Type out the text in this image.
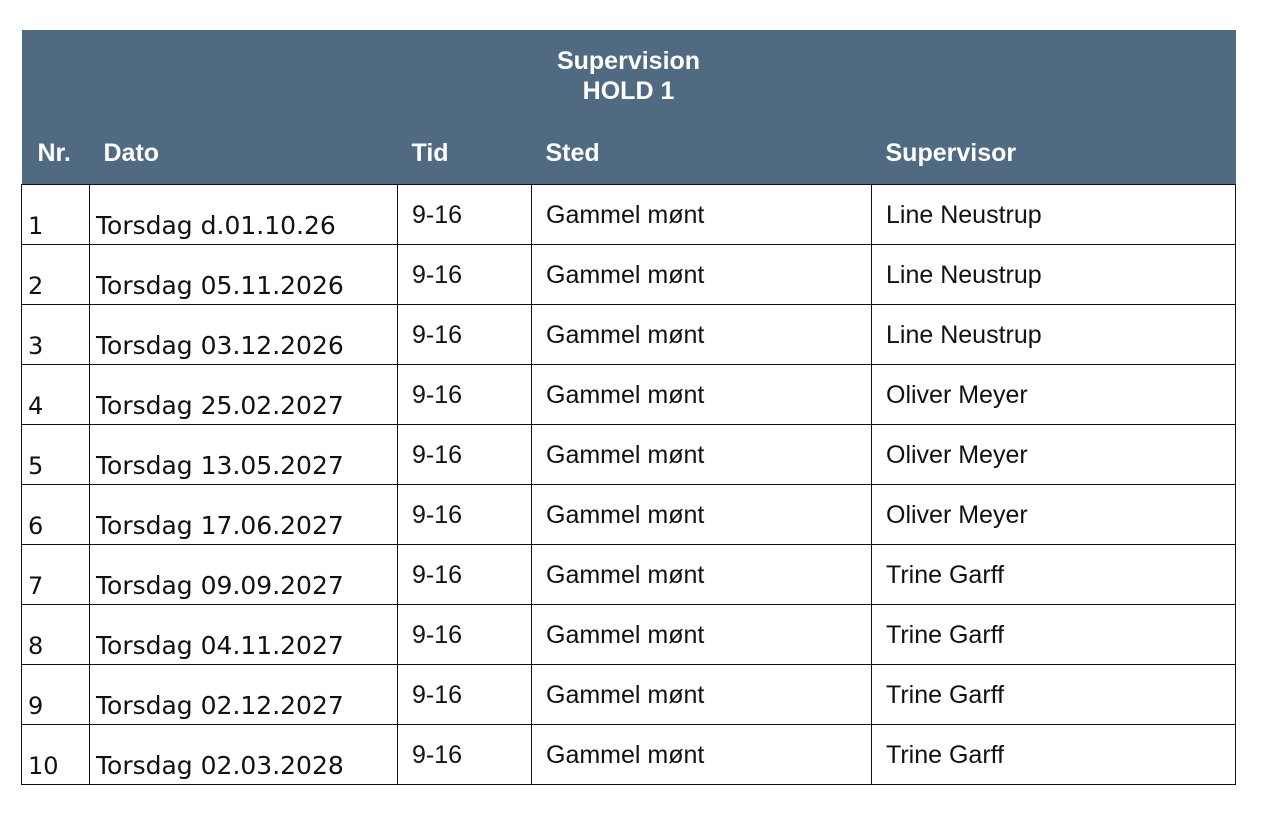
Supervision
HOLD 1				

Nr.	Dato	Tid	Sted	Supervisor
1	Torsdag d.01.10.26	9-16	Gammel mønt	Line Neustrup
2	Torsdag 05.11.2026	9-16	Gammel mønt	Line Neustrup
3	Torsdag 03.12.2026	9-16	Gammel mønt	Line Neustrup
4	Torsdag 25.02.2027	9-16	Gammel mønt	Oliver Meyer
5	Torsdag 13.05.2027	9-16	Gammel mønt	Oliver Meyer
6	Torsdag 17.06.2027	9-16	Gammel mønt	Oliver Meyer
7	Torsdag 09.09.2027	9-16	Gammel mønt	Trine Garff
8	Torsdag 04.11.2027	9-16	Gammel mønt	Trine Garff
9	Torsdag 02.12.2027	9-16	Gammel mønt	Trine Garff
10	Torsdag 02.03.2028	9-16	Gammel mønt	Trine Garff
